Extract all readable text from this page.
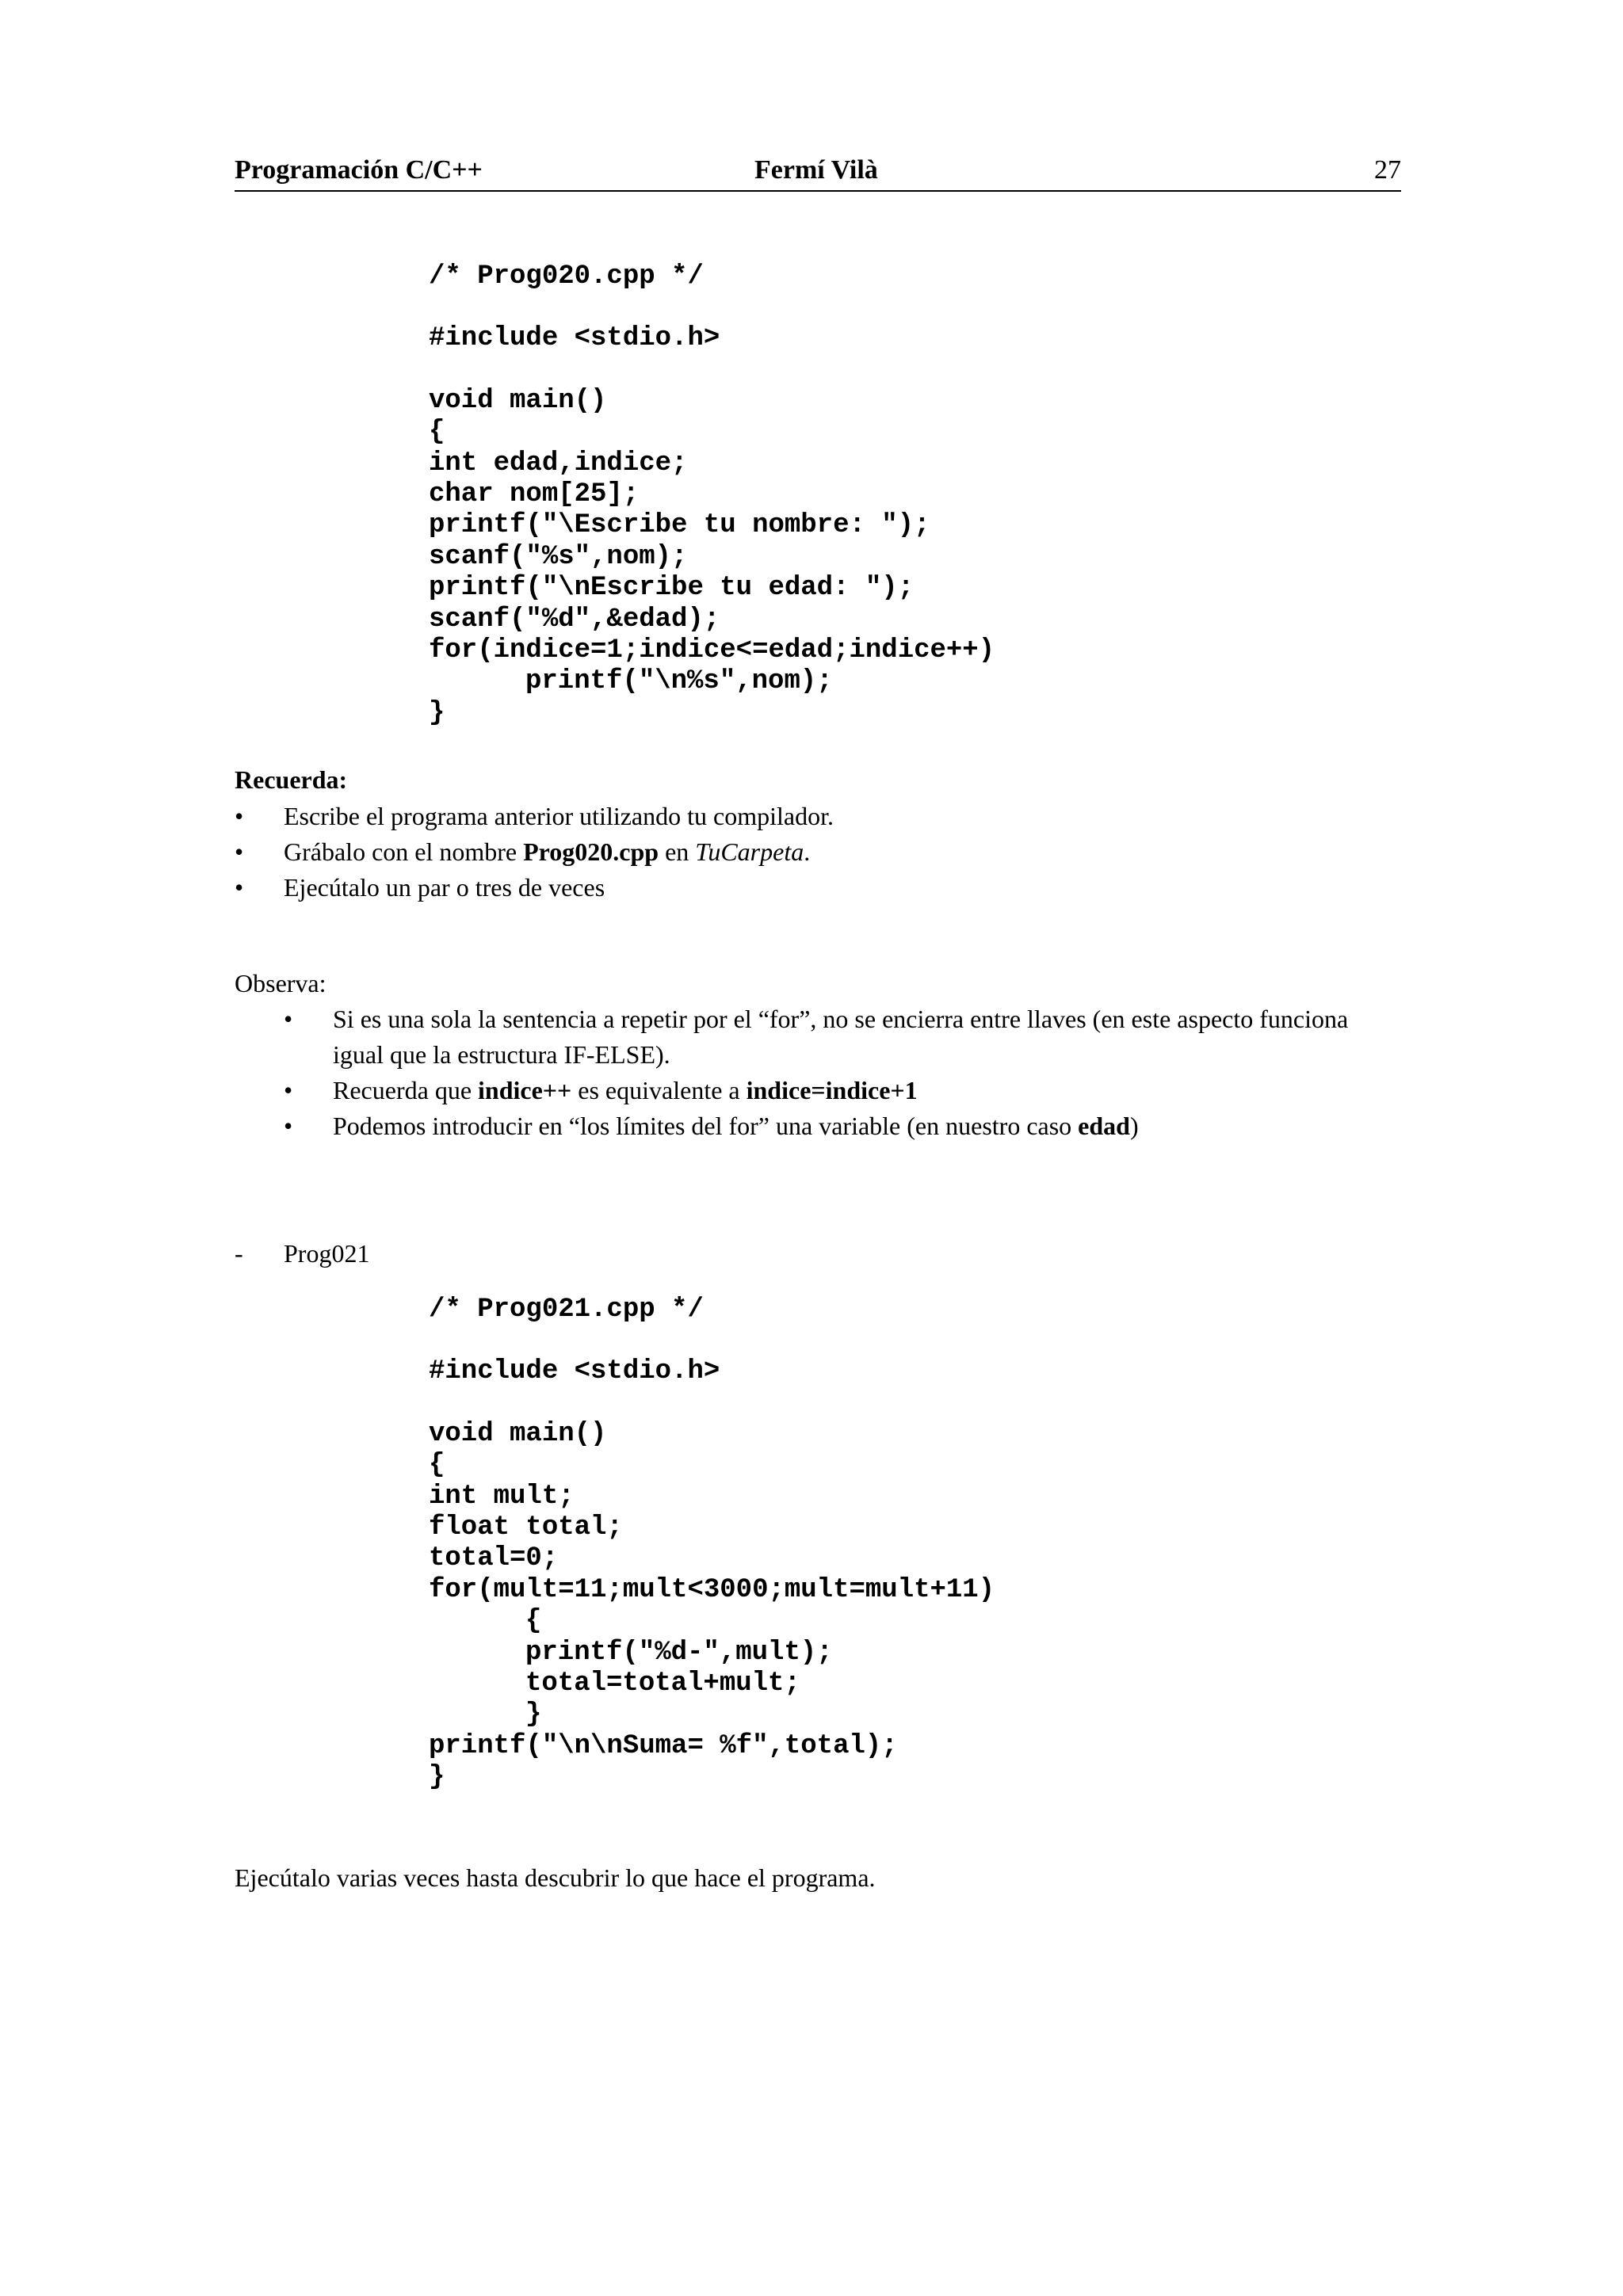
Programación C/C++	Fermí Vilà	27
/* Prog020.cpp */
#include <stdio.h>
void main()
{
int edad,indice;
char nom[25];
printf("\Escribe tu nombre: ");
scanf("%s",nom);
printf("\nEscribe tu edad: ");
scanf("%d",&edad);
for(indice=1;indice<=edad;indice++)
printf("\n%s",nom);
}
Recuerda:
• Escribe el programa anterior utilizando tu compilador.
• Grábalo con el nombre Prog020.cpp en TuCarpeta.
• Ejecútalo un par o tres de veces
Observa:
• Si es una sola la sentencia a repetir por el “for”, no se encierra entre llaves (en este aspecto funciona igual que la estructura IF-ELSE).
• Recuerda que indice++ es equivalente a indice=indice+1
• Podemos introducir en “los límites del for” una variable (en nuestro caso edad)
- Prog021
/* Prog021.cpp */
#include <stdio.h>
void main()
{
int mult;
float total;
total=0;
for(mult=11;mult<3000;mult=mult+11)
{
printf("%d-",mult);
total=total+mult;
}
printf("\n\nSuma= %f",total);
}
Ejecútalo varias veces hasta descubrir lo que hace el programa.
